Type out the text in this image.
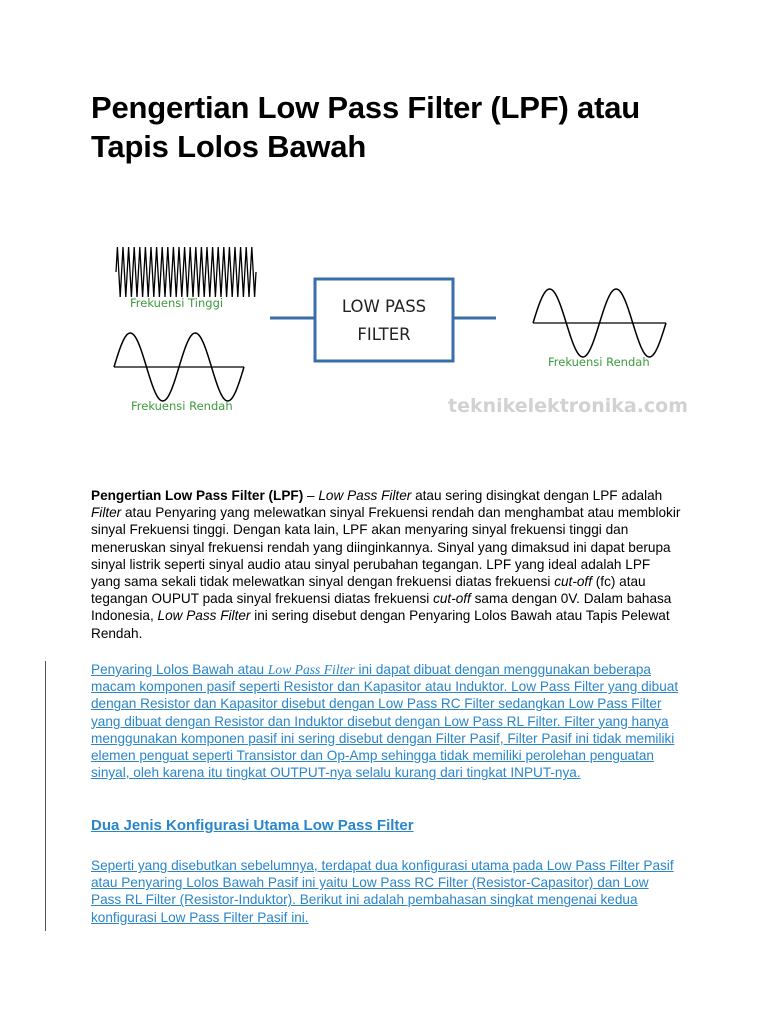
Pengertian Low Pass Filter (LPF) atau Tapis Lolos Bawah
Frekuensi Tinggi
Frekuensi Rendah
LOW PASS
FILTER
Frekuensi Rendah
teknikelektronika.com

Pengertian Low Pass Filter (LPF) – Low Pass Filter atau sering disingkat dengan LPF adalah Filter atau Penyaring yang melewatkan sinyal Frekuensi rendah dan menghambat atau memblokir sinyal Frekuensi tinggi. Dengan kata lain, LPF akan menyaring sinyal frekuensi tinggi dan meneruskan sinyal frekuensi rendah yang diinginkannya. Sinyal yang dimaksud ini dapat berupa sinyal listrik seperti sinyal audio atau sinyal perubahan tegangan. LPF yang ideal adalah LPF yang sama sekali tidak melewatkan sinyal dengan frekuensi diatas frekuensi cut-off (fc) atau tegangan OUPUT pada sinyal frekuensi diatas frekuensi cut-off sama dengan 0V. Dalam bahasa Indonesia, Low Pass Filter ini sering disebut dengan Penyaring Lolos Bawah atau Tapis Pelewat Rendah.

Penyaring Lolos Bawah atau Low Pass Filter ini dapat dibuat dengan menggunakan beberapa macam komponen pasif seperti Resistor dan Kapasitor atau Induktor. Low Pass Filter yang dibuat dengan Resistor dan Kapasitor disebut dengan Low Pass RC Filter sedangkan Low Pass Filter yang dibuat dengan Resistor dan Induktor disebut dengan Low Pass RL Filter. Filter yang hanya menggunakan komponen pasif ini sering disebut dengan Filter Pasif, Filter Pasif ini tidak memiliki elemen penguat seperti Transistor dan Op-Amp sehingga tidak memiliki perolehan penguatan sinyal, oleh karena itu tingkat OUTPUT-nya selalu kurang dari tingkat INPUT-nya.

Dua Jenis Konfigurasi Utama Low Pass Filter

Seperti yang disebutkan sebelumnya, terdapat dua konfigurasi utama pada Low Pass Filter Pasif atau Penyaring Lolos Bawah Pasif ini yaitu Low Pass RC Filter (Resistor-Capasitor) dan Low Pass RL Filter (Resistor-Induktor). Berikut ini adalah pembahasan singkat mengenai kedua konfigurasi Low Pass Filter Pasif ini.
